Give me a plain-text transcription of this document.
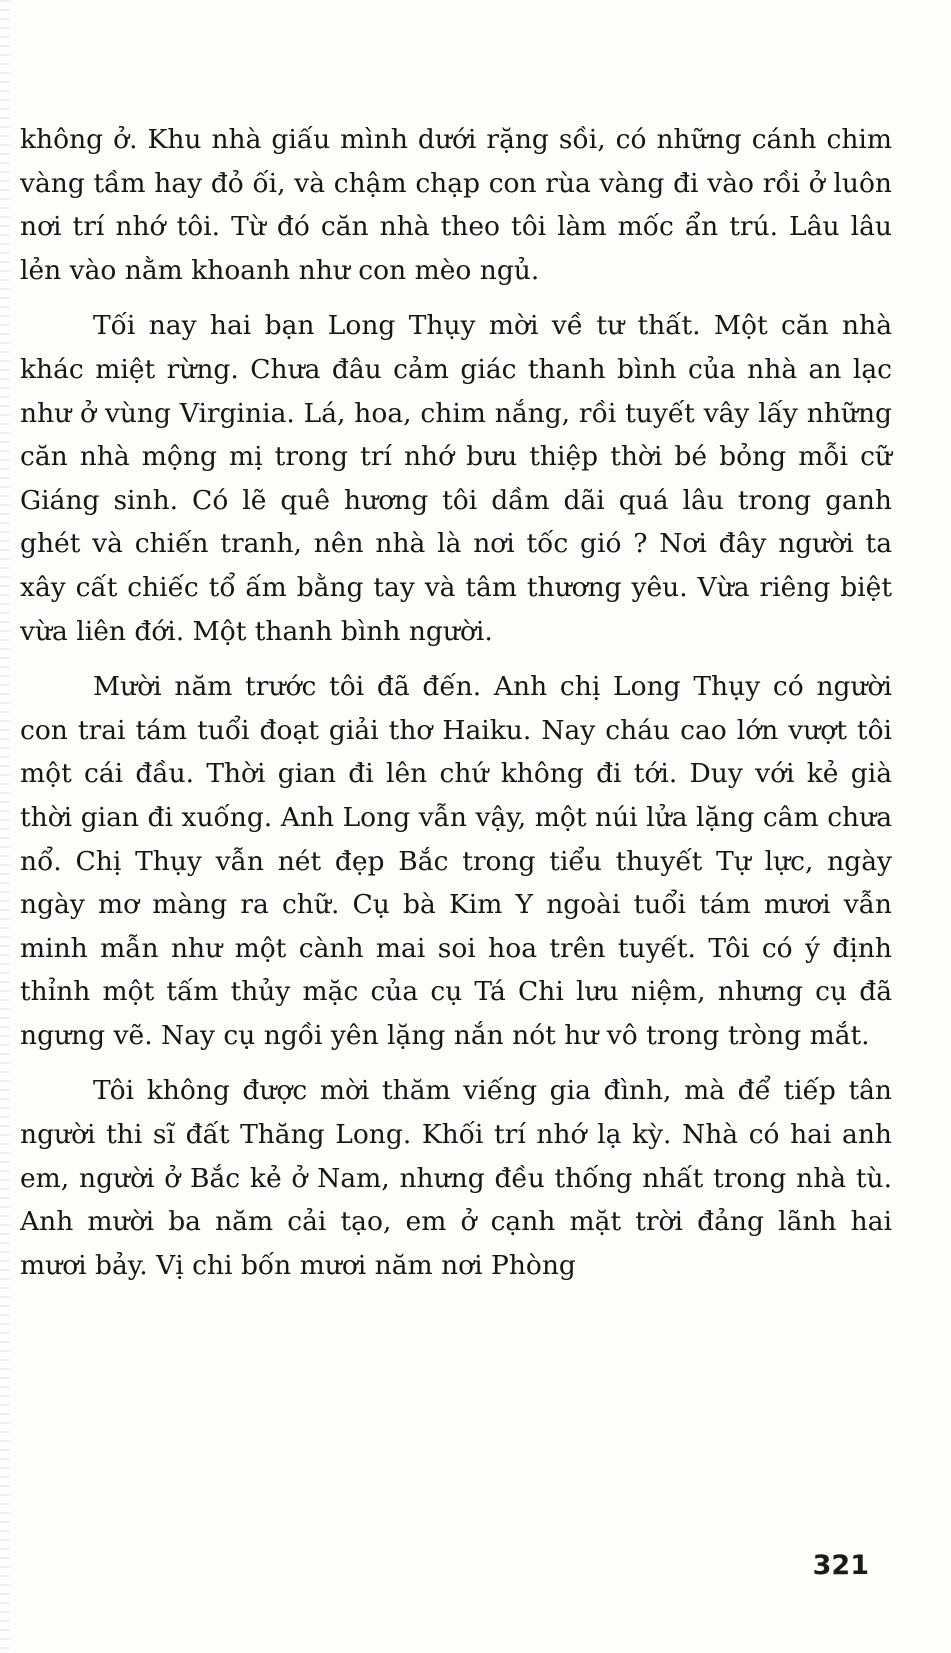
không ở. Khu nhà giấu mình dưới rặng sồi, có những cánh chim vàng tầm hay đỏ ối, và chậm chạp con rùa vàng đi vào rồi ở luôn nơi trí nhớ tôi. Từ đó căn nhà theo tôi làm mốc ẩn trú. Lâu lâu lẻn vào nằm khoanh như con mèo ngủ.

Tối nay hai bạn Long Thụy mời về tư thất. Một căn nhà khác miệt rừng. Chưa đâu cảm giác thanh bình của nhà an lạc như ở vùng Virginia. Lá, hoa, chim nắng, rồi tuyết vây lấy những căn nhà mộng mị trong trí nhớ bưu thiệp thời bé bỏng mỗi cữ Giáng sinh. Có lẽ quê hương tôi dầm dãi quá lâu trong ganh ghét và chiến tranh, nên nhà là nơi tốc gió ? Nơi đây người ta xây cất chiếc tổ ấm bằng tay và tâm thương yêu. Vừa riêng biệt vừa liên đới. Một thanh bình người.

Mười năm trước tôi đã đến. Anh chị Long Thụy có người con trai tám tuổi đoạt giải thơ Haiku. Nay cháu cao lớn vượt tôi một cái đầu. Thời gian đi lên chứ không đi tới. Duy với kẻ già thời gian đi xuống. Anh Long vẫn vậy, một núi lửa lặng câm chưa nổ. Chị Thụy vẫn nét đẹp Bắc trong tiểu thuyết Tự lực, ngày ngày mơ màng ra chữ. Cụ bà Kim Y ngoài tuổi tám mươi vẫn minh mẫn như một cành mai soi hoa trên tuyết. Tôi có ý định thỉnh một tấm thủy mặc của cụ Tá Chi lưu niệm, nhưng cụ đã ngưng vẽ. Nay cụ ngồi yên lặng nắn nót hư vô trong tròng mắt.

Tôi không được mời thăm viếng gia đình, mà để tiếp tân người thi sĩ đất Thăng Long. Khối trí nhớ lạ kỳ. Nhà có hai anh em, người ở Bắc kẻ ở Nam, nhưng đều thống nhất trong nhà tù. Anh mười ba năm cải tạo, em ở cạnh mặt trời đảng lãnh hai mươi bảy. Vị chi bốn mươi năm nơi Phòng

321
